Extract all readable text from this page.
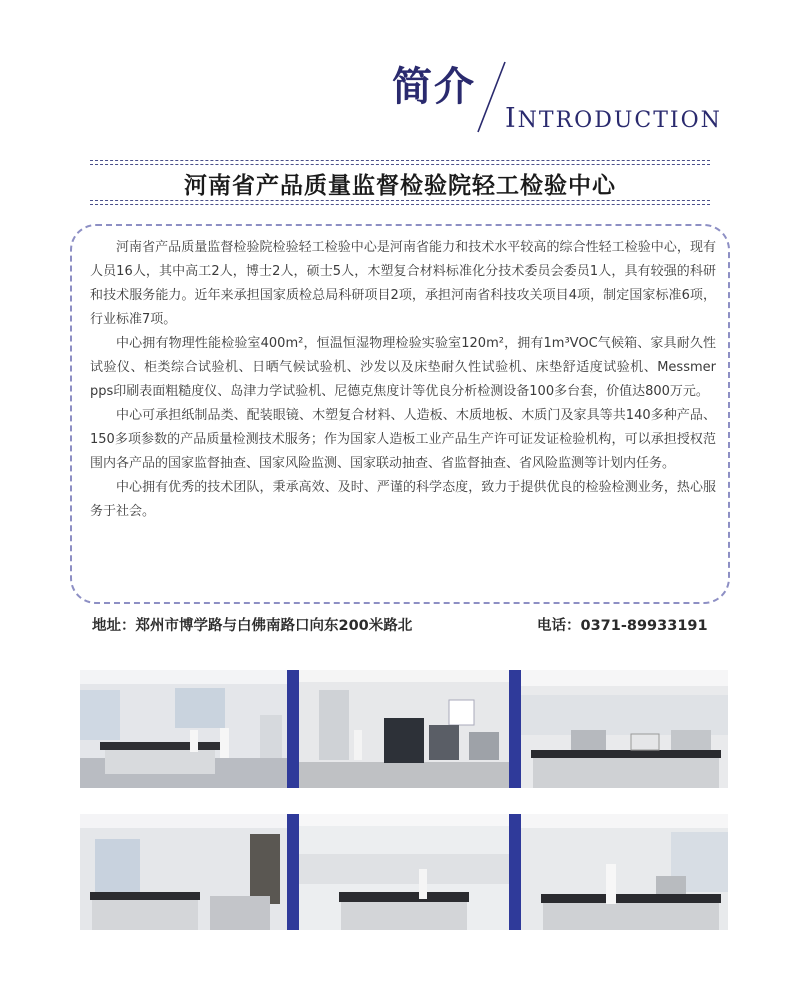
简介
INTRODUCTION
河南省产品质量监督检验院轻工检验中心

河南省产品质量监督检验院检验轻工检验中心是河南省能力和技术水平较高的综合性轻工检验中心，现有人员16人，其中高工2人，博士2人，硕士5人，木塑复合材料标准化分技术委员会委员1人，具有较强的科研和技术服务能力。近年来承担国家质检总局科研项目2项，承担河南省科技攻关项目4项，制定国家标准6项，行业标准7项。

中心拥有物理性能检验室400m²，恒温恒湿物理检验实验室120m²，拥有1m³VOC气候箱、家具耐久性试验仪、柜类综合试验机、日晒气候试验机、沙发以及床垫耐久性试验机、床垫舒适度试验机、Messmer pps印刷表面粗糙度仪、岛津力学试验机、尼德克焦度计等优良分析检测设备100多台套，价值达800万元。

中心可承担纸制品类、配装眼镜、木塑复合材料、人造板、木质地板、木质门及家具等共140多种产品、150多项参数的产品质量检测技术服务；作为国家人造板工业产品生产许可证发证检验机构，可以承担授权范围内各产品的国家监督抽查、国家风险监测、国家联动抽查、省监督抽查、省风险监测等计划内任务。

中心拥有优秀的技术团队，秉承高效、及时、严谨的科学态度，致力于提供优良的检验检测业务，热心服务于社会。

地址：郑州市博学路与白佛南路口向东200米路北	电话：0371-89933191
